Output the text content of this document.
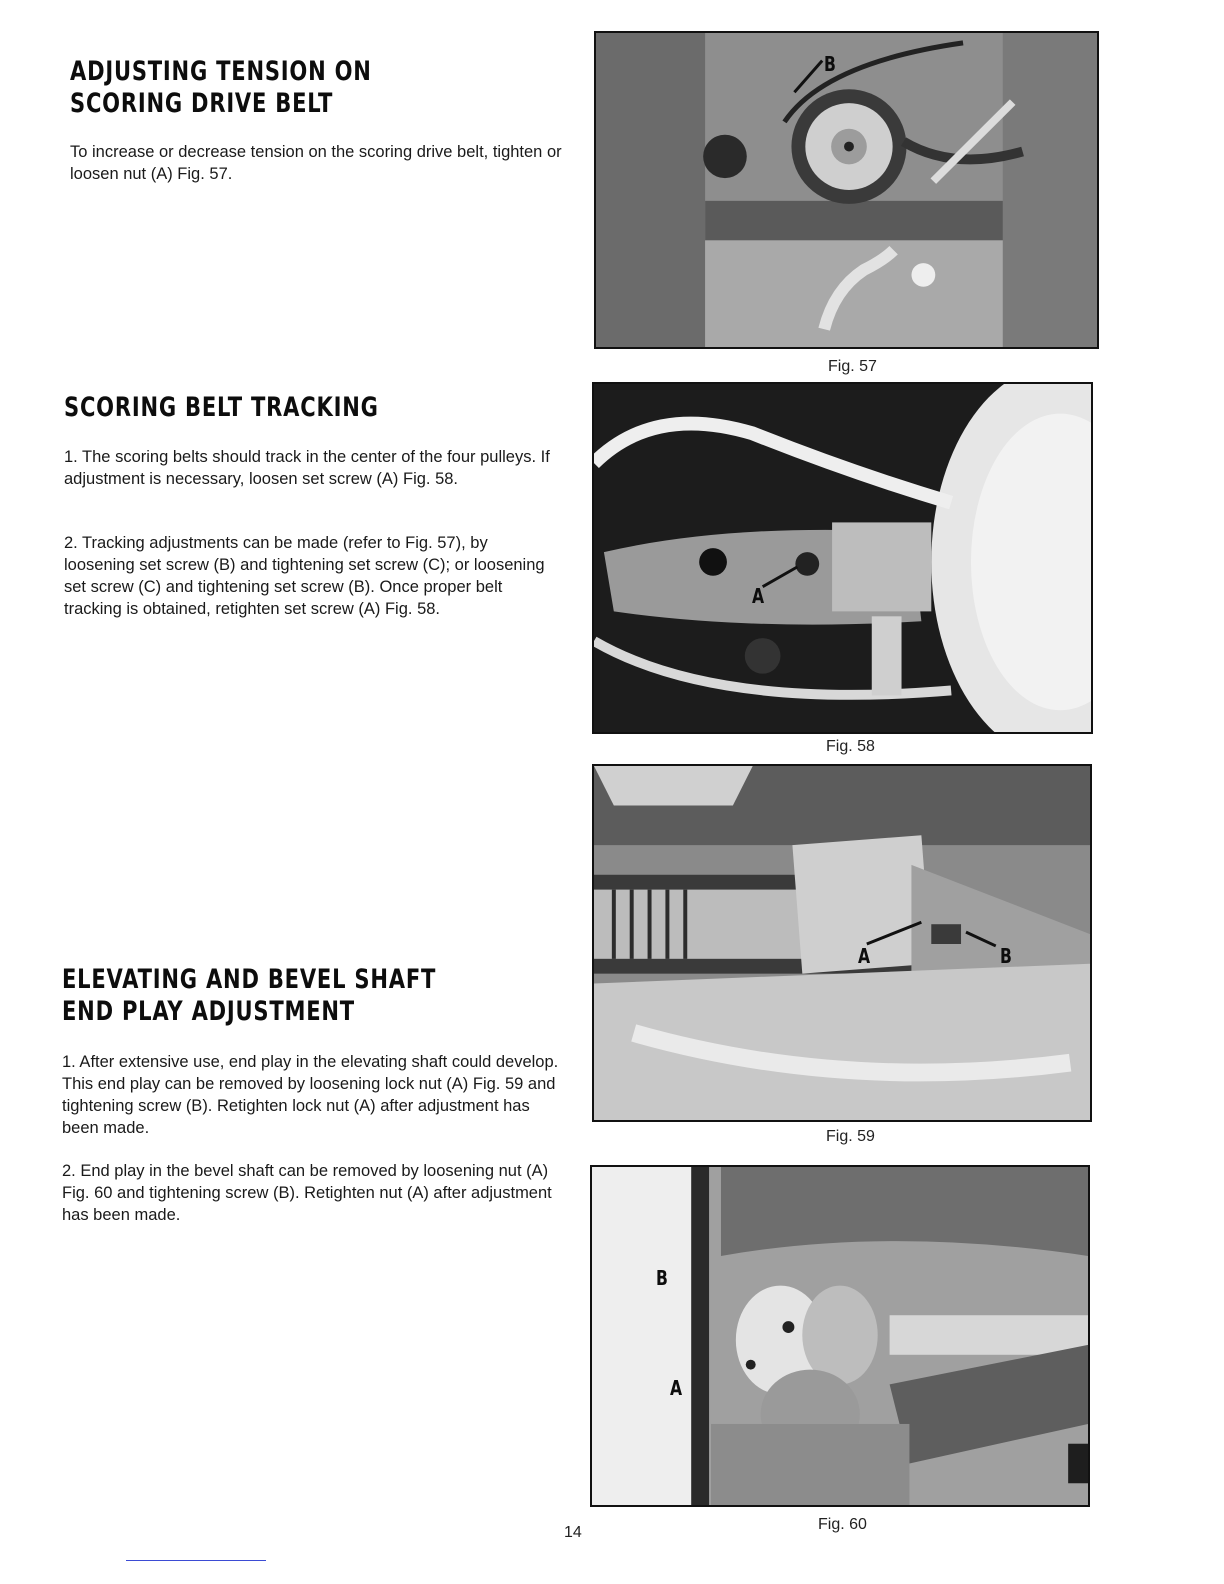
ADJUSTING TENSION ON
SCORING DRIVE BELT

To increase or decrease tension on the scoring drive belt, tighten or loosen nut (A) Fig. 57.

SCORING BELT TRACKING

1. The scoring belts should track in the center of the four pulleys. If adjustment is necessary, loosen set screw (A) Fig. 58.

2. Tracking adjustments can be made (refer to Fig. 57), by loosening set screw (B) and tightening set screw (C); or loosening set screw (C) and tightening set screw (B). Once proper belt tracking is obtained, retighten set screw (A) Fig. 58.

ELEVATING AND BEVEL SHAFT
END PLAY ADJUSTMENT

1. After extensive use, end play in the elevating shaft could develop. This end play can be removed by loosening lock nut (A) Fig. 59 and tightening screw (B). Retighten lock nut (A) after adjustment has been made.

2. End play in the bevel shaft can be removed by loosening nut (A) Fig. 60 and tightening screw (B). Retighten nut (A) after adjustment has been made.

B
Fig. 57
A
Fig. 58
A	B
Fig. 59
B
A
Fig. 60
14
